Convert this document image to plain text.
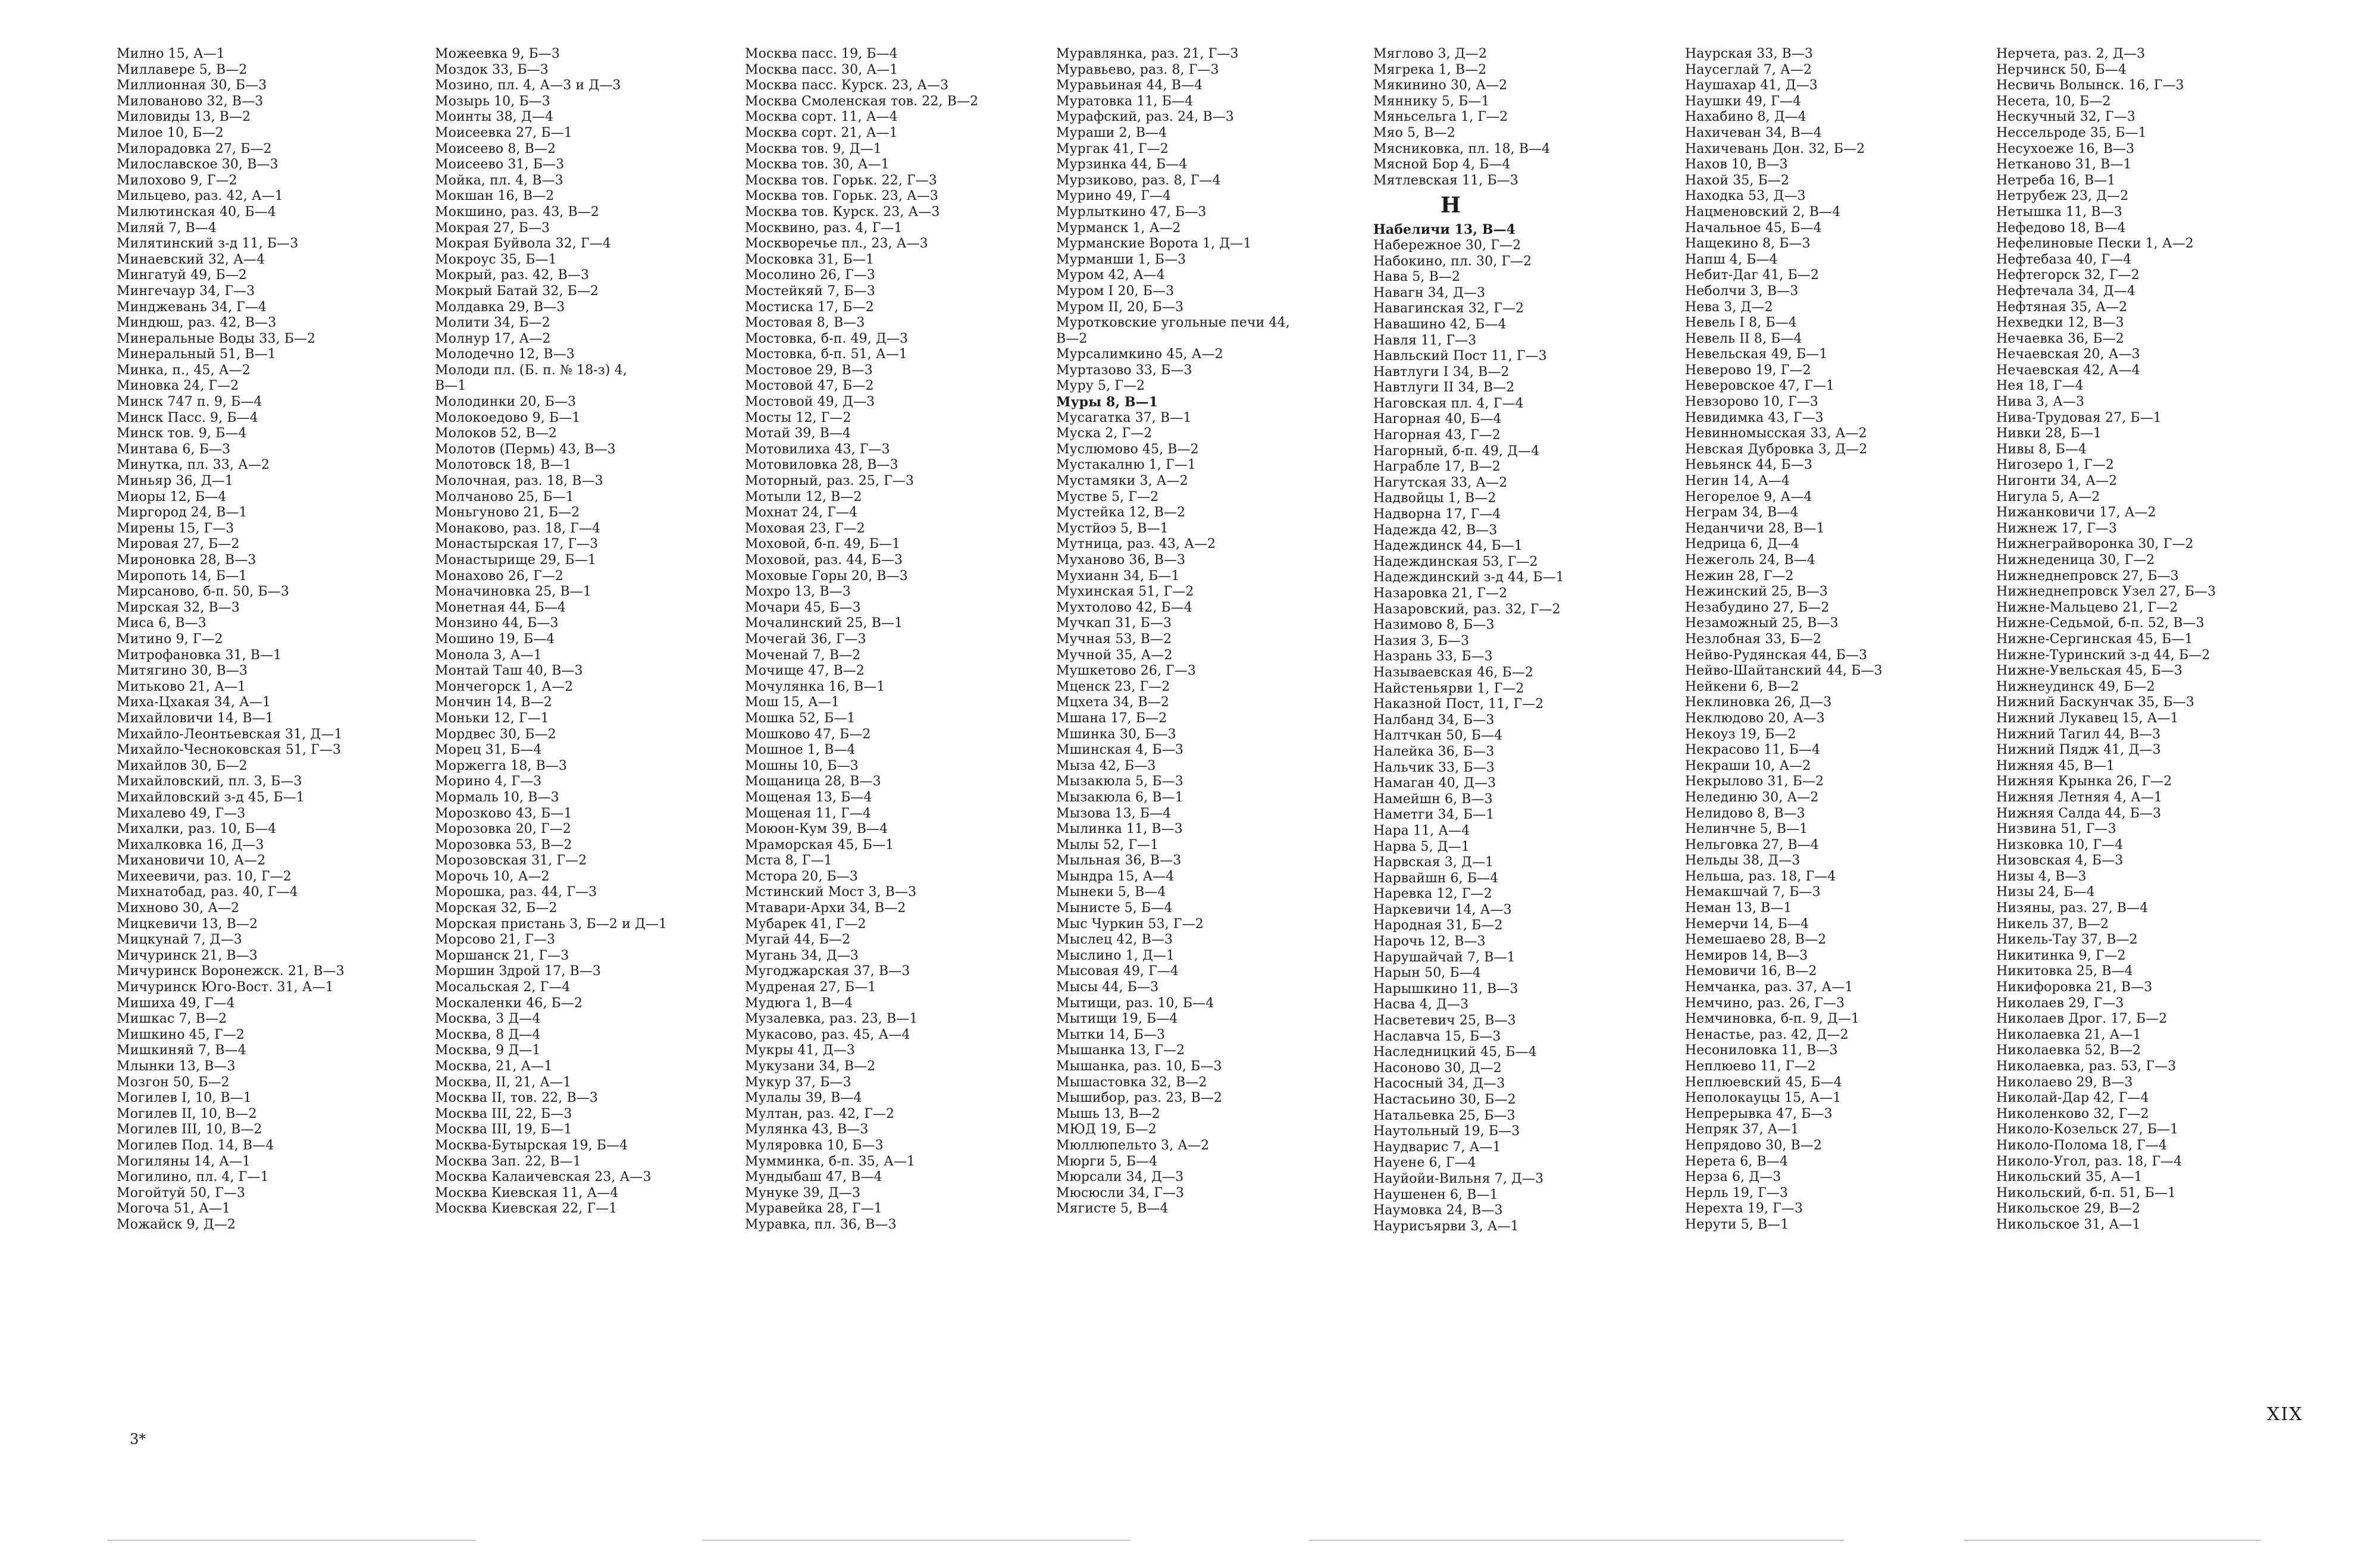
Милно 15, А—1
Миллавере 5, В—2
Миллионная 30, Б—3
Милованово 32, В—3
Миловиды 13, В—2
Милое 10, Б—2
Милорадовка 27, Б—2
Милославское 30, В—3
Милохово 9, Г—2
Мильцево, раз. 42, А—1
Милютинская 40, Б—4
Миляй 7, В—4
Милятинский з-д 11, Б—3
Минаевский 32, А—4
Мингатуй 49, Б—2
Мингечаур 34, Г—3
Минджевань 34, Г—4
Миндюш, раз. 42, В—3
Минеральные Воды 33, Б—2
Минеральный 51, В—1
Минка, п., 45, А—2
Миновка 24, Г—2
Минск 747 п. 9, Б—4
Минск Пасс. 9, Б—4
Минск тов. 9, Б—4
Минтава 6, Б—3
Минутка, пл. 33, А—2
Миньяр 36, Д—1
Миоры 12, Б—4
Миргород 24, В—1
Мирены 15, Г—3
Мировая 27, Б—2
Мироновка 28, В—3
Миропоть 14, Б—1
Мирсаново, б-п. 50, Б—3
Мирская 32, В—3
Миса 6, В—3
Митино 9, Г—2
Митрофановка 31, В—1
Митягино 30, В—3
Митьково 21, А—1
Миха-Цхакая 34, А—1
Михайловичи 14, В—1
Михайло-Леонтьевская 31, Д—1
Михайло-Чесноковская 51, Г—3
Михайлов 30, Б—2
Михайловский, пл. 3, Б—3
Михайловский з-д 45, Б—1
Михалево 49, Г—3
Михалки, раз. 10, Б—4
Михалковка 16, Д—3
Михановичи 10, А—2
Михеевичи, раз. 10, Г—2
Михнатобад, раз. 40, Г—4
Михново 30, А—2
Мицкевичи 13, В—2
Мицкунай 7, Д—3
Мичуринск 21, В—3
Мичуринск Воронежск. 21, В—3
Мичуринск Юго-Вост. 31, А—1
Мишиха 49, Г—4
Мишкас 7, В—2
Мишкино 45, Г—2
Мишкиняй 7, В—4
Млынки 13, В—3
Мозгон 50, Б—2
Могилев I, 10, В—1
Могилев II, 10, В—2
Могилев III, 10, В—2
Могилев Под. 14, В—4
Могиляны 14, А—1
Могилино, пл. 4, Г—1
Могойтуй 50, Г—3
Могоча 51, А—1
Можайск 9, Д—2
Можеевка 9, Б—3
Моздок 33, Б—3
Мозино, пл. 4, А—3 и Д—3
Мозырь 10, Б—3
Моинты 38, Д—4
Моисеевка 27, Б—1
Моисеево 8, В—2
Моисеево 31, Б—3
Мойка, пл. 4, В—3
Мокшан 16, В—2
Мокшино, раз. 43, В—2
Мокрая 27, Б—3
Мокрая Буйвола 32, Г—4
Мокроус 35, Б—1
Мокрый, раз. 42, В—3
Мокрый Батай 32, Б—2
Молдавка 29, В—3
Молити 34, Б—2
Молнур 17, А—2
Молодечно 12, В—3
Молоди пл. (Б. п. № 18-з) 4,
В—1
Молодинки 20, Б—3
Молокоедово 9, Б—1
Молоков 52, В—2
Молотов (Пермь) 43, В—3
Молотовск 18, В—1
Молочная, раз. 18, В—3
Молчаново 25, Б—1
Моньгуново 21, Б—2
Монаково, раз. 18, Г—4
Монастырская 17, Г—3
Монастырище 29, Б—1
Монахово 26, Г—2
Моначиновка 25, В—1
Монетная 44, Б—4
Монзино 44, Б—3
Мошино 19, Б—4
Монола 3, А—1
Монтай Таш 40, В—3
Мончегорск 1, А—2
Мончин 14, В—2
Моньки 12, Г—1
Мордвес 30, Б—2
Морец 31, Б—4
Моржегга 18, В—3
Морино 4, Г—3
Мормаль 10, В—3
Морозково 43, Б—1
Морозовка 20, Г—2
Морозовка 53, В—2
Морозовская 31, Г—2
Морочь 10, А—2
Морошка, раз. 44, Г—3
Морская 32, Б—2
Морская пристань 3, Б—2 и Д—1
Морсово 21, Г—3
Моршанск 21, Г—3
Моршин Здрой 17, В—3
Мосальская 2, Г—4
Москаленки 46, Б—2
Москва, 3 Д—4
Москва, 8 Д—4
Москва, 9 Д—1
Москва, 21, А—1
Москва, II, 21, А—1
Москва II, тов. 22, В—3
Москва III, 22, Б—3
Москва III, 19, Б—1
Москва-Бутырская 19, Б—4
Москва Зап. 22, В—1
Москва Калаичевская 23, А—3
Москва Киевская 11, А—4
Москва Киевская 22, Г—1
Москва пасс. 19, Б—4
Москва пасс. 30, А—1
Москва пасс. Курск. 23, А—3
Москва Смоленская тов. 22, В—2
Москва сорт. 11, А—4
Москва сорт. 21, А—1
Москва тов. 9, Д—1
Москва тов. 30, А—1
Москва тов. Горьк. 22, Г—3
Москва тов. Горьк. 23, А—3
Москва тов. Курск. 23, А—3
Москвино, раз. 4, Г—1
Москворечье пл., 23, А—3
Московка 31, Б—1
Мосолино 26, Г—3
Мостейкяй 7, Б—3
Мостиска 17, Б—2
Мостовая 8, В—3
Мостовка, б-п. 49, Д—3
Мостовка, б-п. 51, А—1
Мостовое 29, В—3
Мостовой 47, Б—2
Мостовой 49, Д—3
Мосты 12, Г—2
Мотай 39, В—4
Мотовилиха 43, Г—3
Мотовиловка 28, В—3
Моторный, раз. 25, Г—3
Мотыли 12, В—2
Мохнат 24, Г—4
Моховая 23, Г—2
Моховой, б-п. 49, Б—1
Моховой, раз. 44, Б—3
Моховые Горы 20, В—3
Мохро 13, В—3
Мочари 45, Б—3
Мочалинский 25, В—1
Мочегай 36, Г—3
Моченай 7, В—2
Мочище 47, В—2
Мочулянка 16, В—1
Мош 15, А—1
Мошка 52, Б—1
Мошково 47, Б—2
Мошное 1, В—4
Мошны 10, Б—3
Мощаница 28, В—3
Мощеная 13, Б—4
Мощеная 11, Г—4
Моюон-Кум 39, В—4
Мраморская 45, Б—1
Мста 8, Г—1
Мстора 20, Б—3
Мстинский Мост 3, В—3
Мтавари-Архи 34, В—2
Мубарек 41, Г—2
Мугай 44, Б—2
Мугань 34, Д—3
Мугоджарская 37, В—3
Мудреная 27, Б—1
Мудюга 1, В—4
Музалевка, раз. 23, В—1
Мукасово, раз. 45, А—4
Мукры 41, Д—3
Мукузани 34, В—2
Мукур 37, Б—3
Мулалы 39, В—4
Мултан, раз. 42, Г—2
Мулянка 43, В—3
Муляровка 10, Б—3
Мумминка, б-п. 35, А—1
Мундыбаш 47, В—4
Мунуке 39, Д—3
Муравейка 28, Г—1
Муравка, пл. 36, В—3
Муравлянка, раз. 21, Г—3
Муравьево, раз. 8, Г—3
Муравьиная 44, В—4
Муратовка 11, Б—4
Мурафский, раз. 24, В—3
Мураши 2, В—4
Мургак 41, Г—2
Мурзинка 44, Б—4
Мурзиково, раз. 8, Г—4
Мурино 49, Г—4
Мурлыткино 47, Б—3
Мурманск 1, А—2
Мурманские Ворота 1, Д—1
Мурманши 1, Б—3
Муром 42, А—4
Муром I 20, Б—3
Муром II, 20, Б—3
Муротковские угольные печи 44,
В—2
Мурсалимкино 45, А—2
Муртазово 33, Б—3
Муру 5, Г—2
Муры 8, В—1
Мусагатка 37, В—1
Муска 2, Г—2
Муслюмово 45, В—2
Мустакалню 1, Г—1
Мустамяки 3, А—2
Мустве 5, Г—2
Мустейка 12, В—2
Мустйоэ 5, В—1
Мутница, раз. 43, А—2
Муханово 36, В—3
Мухианн 34, Б—1
Мухинская 51, Г—2
Мухтолово 42, Б—4
Мучкап 31, Б—3
Мучная 53, В—2
Мучной 35, А—2
Мушкетово 26, Г—3
Мценск 23, Г—2
Мцхета 34, В—2
Мшана 17, Б—2
Мшинка 30, Б—3
Мшинская 4, Б—3
Мыза 42, Б—3
Мызакюла 5, Б—3
Мызакюла 6, В—1
Мызова 13, Б—4
Мылинка 11, В—3
Мылы 52, Г—1
Мыльная 36, В—3
Мындра 15, А—4
Мынеки 5, В—4
Мынисте 5, Б—4
Мыс Чуркин 53, Г—2
Мыслец 42, В—3
Мыслино 1, Д—1
Мысовая 49, Г—4
Мысы 44, Б—3
Мытищи, раз. 10, Б—4
Мытищи 19, Б—4
Мытки 14, Б—3
Мышанка 13, Г—2
Мышанка, раз. 10, Б—3
Мышастовка 32, В—2
Мышибор, раз. 23, В—2
Мышь 13, В—2
МЮД 19, Б—2
Мюллюпельто 3, А—2
Мюрги 5, Б—4
Мюрсали 34, Д—3
Мюсюсли 34, Г—3
Мягисте 5, В—4
Мяглово 3, Д—2
Мягрека 1, В—2
Мякинино 30, А—2
Мяннику 5, Б—1
Мяньсельга 1, Г—2
Мяо 5, В—2
Мясниковка, пл. 18, В—4
Мясной Бор 4, Б—4
Мятлевская 11, Б—3
Н
Набеличи 13, В—4
Набережное 30, Г—2
Набокино, пл. 30, Г—2
Нава 5, В—2
Навагн 34, Д—3
Навагинская 32, Г—2
Навашино 42, Б—4
Навля 11, Г—3
Навльский Пост 11, Г—3
Навтлуги I 34, В—2
Навтлуги II 34, В—2
Наговская пл. 4, Г—4
Нагорная 40, Б—4
Нагорная 43, Г—2
Нагорный, б-п. 49, Д—4
Награбле 17, В—2
Нагутская 33, А—2
Надвойцы 1, В—2
Надворна 17, Г—4
Надежда 42, В—3
Надеждинск 44, Б—1
Надеждинская 53, Г—2
Надеждинский з-д 44, Б—1
Назаровка 21, Г—2
Назаровский, раз. 32, Г—2
Назимово 8, Б—3
Назия 3, Б—3
Назрань 33, Б—3
Называевская 46, Б—2
Найстеньярви 1, Г—2
Наказной Пост, 11, Г—2
Налбанд 34, Б—3
Налтчкан 50, Б—4
Налейка 36, Б—3
Нальчик 33, Б—3
Намаган 40, Д—3
Намейшн 6, В—3
Наметги 34, Б—1
Нара 11, А—4
Нарва 5, Д—1
Нарвская 3, Д—1
Нарвайшн 6, Б—4
Наревка 12, Г—2
Наркевичи 14, А—3
Народная 31, Б—2
Нарочь 12, В—3
Нарушайчай 7, В—1
Нарын 50, Б—4
Нарышкино 11, В—3
Насва 4, Д—3
Насветевич 25, В—3
Наславча 15, Б—3
Наследницкий 45, Б—4
Насоново 30, Д—2
Насосный 34, Д—3
Настасьино 30, Б—2
Натальевка 25, Б—3
Наутольный 19, Б—3
Наудварис 7, А—1
Науене 6, Г—4
Науйойи-Вильня 7, Д—3
Наушенен 6, В—1
Наумовка 24, В—3
Наурисъярви 3, А—1
Наурская 33, В—3
Наусеглай 7, А—2
Наушахар 41, Д—3
Наушки 49, Г—4
Нахабино 8, Д—4
Нахичеван 34, В—4
Нахичевань Дон. 32, Б—2
Нахов 10, В—3
Нахой 35, Б—2
Находка 53, Д—3
Нацменовский 2, В—4
Начальное 45, Б—4
Нащекино 8, Б—3
Напш 4, Б—4
Небит-Даг 41, Б—2
Неболчи 3, В—3
Нева 3, Д—2
Невель I 8, Б—4
Невель II 8, Б—4
Невельская 49, Б—1
Неверово 19, Г—2
Неверовское 47, Г—1
Невзорово 10, Г—3
Невидимка 43, Г—3
Невинномысская 33, А—2
Невская Дубровка 3, Д—2
Невьянск 44, Б—3
Негин 14, А—4
Негорелое 9, А—4
Неграм 34, В—4
Неданчичи 28, В—1
Недрица 6, Д—4
Нежеголь 24, В—4
Нежин 28, Г—2
Нежинский 25, В—3
Незабудино 27, Б—2
Незаможный 25, В—3
Незлобная 33, Б—2
Нейво-Рудянская 44, Б—3
Нейво-Шайтанский 44, Б—3
Нейкени 6, В—2
Неклиновка 26, Д—3
Неклюдово 20, А—3
Некоуз 19, Б—2
Некрасово 11, Б—4
Некраши 10, А—2
Некрылово 31, Б—2
Нелединю 30, А—2
Нелидово 8, В—3
Нелинчне 5, В—1
Нельговка 27, В—4
Нельды 38, Д—3
Нельша, раз. 18, Г—4
Немакшчай 7, Б—3
Неман 13, В—1
Немерчи 14, Б—4
Немешаево 28, В—2
Немиров 14, В—3
Немовичи 16, В—2
Немчанка, раз. 37, А—1
Немчино, раз. 26, Г—3
Немчиновка, б-п. 9, Д—1
Ненастье, раз. 42, Д—2
Несониловка 11, В—3
Неплюево 11, Г—2
Неплюевский 45, Б—4
Неполокауцы 15, А—1
Непрерывка 47, Б—3
Непряк 37, А—1
Непрядово 30, В—2
Нерета 6, В—4
Нерза 6, Д—3
Нерль 19, Г—3
Нерехта 19, Г—3
Нерути 5, В—1
Нерчета, раз. 2, Д—3
Нерчинск 50, Б—4
Несвичь Волынск. 16, Г—3
Несета, 10, Б—2
Нескучный 32, Г—3
Нессельроде 35, Б—1
Несухоеже 16, В—3
Нетканово 31, В—1
Нетреба 16, В—1
Нетрубеж 23, Д—2
Нетышка 11, В—3
Нефедово 18, В—4
Нефелиновые Пески 1, А—2
Нефтебаза 40, Г—4
Нефтегорск 32, Г—2
Нефтечала 34, Д—4
Нефтяная 35, А—2
Нехведки 12, В—3
Нечаевка 36, Б—2
Нечаевская 20, А—3
Нечаевская 42, А—4
Нея 18, Г—4
Нива 3, А—3
Нива-Трудовая 27, Б—1
Нивки 28, Б—1
Нивы 8, Б—4
Нигозеро 1, Г—2
Нигонти 34, А—2
Нигула 5, А—2
Нижанковичи 17, А—2
Нижнеж 17, Г—3
Нижнеграйворонка 30, Г—2
Нижнеденица 30, Г—2
Нижнеднепровск 27, Б—3
Нижнеднепровск Узел 27, Б—3
Нижне-Мальцево 21, Г—2
Нижне-Седьмой, б-п. 52, В—3
Нижне-Сергинская 45, Б—1
Нижне-Туринский з-д 44, Б—2
Нижне-Увельская 45, Б—3
Нижнеудинск 49, Б—2
Нижний Баскунчак 35, Б—3
Нижний Лукавец 15, А—1
Нижний Тагил 44, В—3
Нижний Пядж 41, Д—3
Нижняя 45, В—1
Нижняя Крынка 26, Г—2
Нижняя Летняя 4, А—1
Нижняя Салда 44, Б—3
Низвина 51, Г—3
Низковка 10, Г—4
Низовская 4, Б—3
Низы 4, В—3
Низы 24, Б—4
Низяны, раз. 27, В—4
Никель 37, В—2
Никель-Тау 37, В—2
Никитинка 9, Г—2
Никитовка 25, В—4
Никифоровка 21, В—3
Николаев 29, Г—3
Николаев Дрог. 17, Б—2
Николаевка 21, А—1
Николаевка 52, В—2
Николаевка, раз. 53, Г—3
Николаево 29, В—3
Николай-Дар 42, Г—4
Николенково 32, Г—2
Николо-Козельск 27, Б—1
Николо-Полома 18, Г—4
Николо-Угол, раз. 18, Г—4
Никольский 35, А—1
Никольский, б-п. 51, Б—1
Никольское 29, В—2
Никольское 31, А—1
3*
XIX
